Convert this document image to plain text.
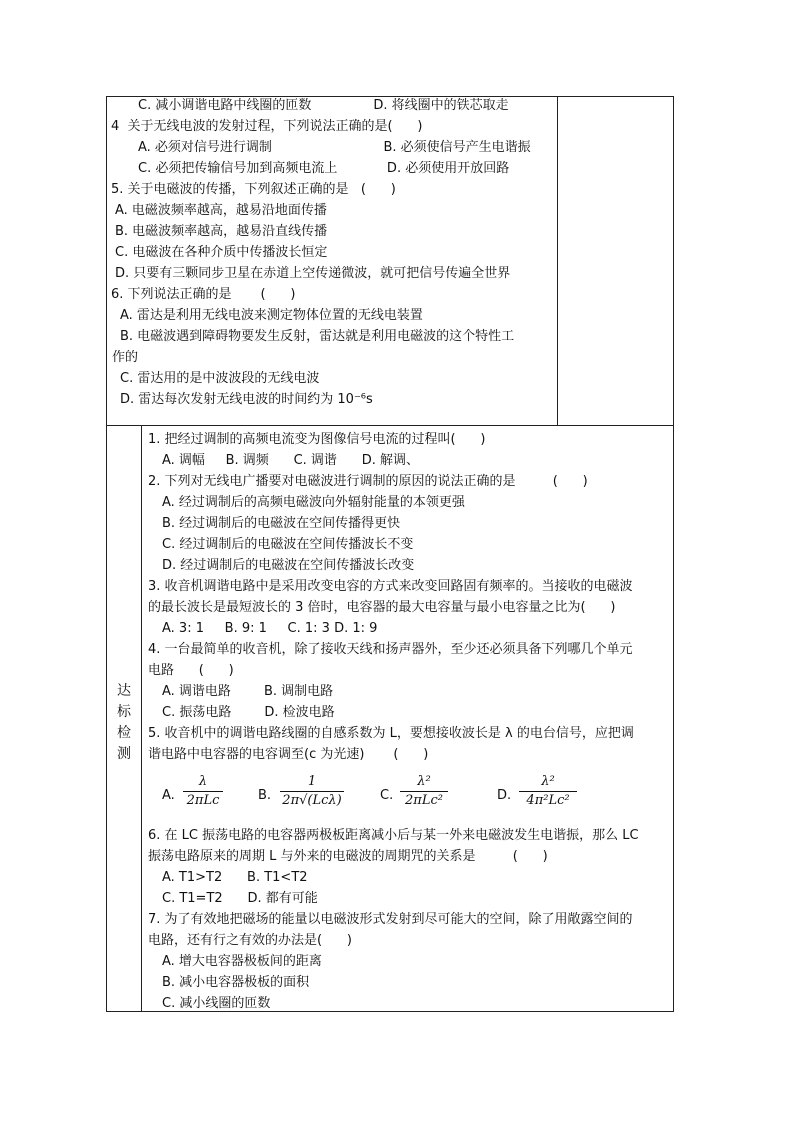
C. 减小调谐电路中线圈的匝数               D. 将线圈中的铁芯取走
4  关于无线电波的发射过程，下列说法正确的是(      )
A. 必须对信号进行调制                           B. 必须使信号产生电谐振
C. 必须把传输信号加到高频电流上            D. 必须使用开放回路
5. 关于电磁波的传播，下列叙述正确的是   (      )
A. 电磁波频率越高，越易沿地面传播
B. 电磁波频率越高，越易沿直线传播
C. 电磁波在各种介质中传播波长恒定
D. 只要有三颗同步卫星在赤道上空传递微波，就可把信号传遍全世界
6. 下列说法正确的是       (      )
A. 雷达是利用无线电波来测定物体位置的无线电装置
B. 电磁波遇到障碍物要发生反射，雷达就是利用电磁波的这个特性工
作的
C. 雷达用的是中波波段的无线电波
D. 雷达每次发射无线电波的时间约为 10⁻⁶s
达
标
检
测
1. 把经过调制的高频电流变为图像信号电流的过程叫(      )
A. 调幅     B. 调频      C. 调谐      D. 解调、
2. 下列对无线电广播要对电磁波进行调制的原因的说法正确的是         (      )
A. 经过调制后的高频电磁波向外辐射能量的本领更强
B. 经过调制后的电磁波在空间传播得更快
C. 经过调制后的电磁波在空间传播波长不变
D. 经过调制后的电磁波在空间传播波长改变
3. 收音机调谐电路中是采用改变电容的方式来改变回路固有频率的。当接收的电磁波
的最长波长是最短波长的 3 倍时，电容器的最大电容量与最小电容量之比为(      )
A. 3: 1     B. 9: 1     C. 1: 3 D. 1: 9
4. 一台最简单的收音机，除了接收天线和扬声器外，至少还必须具备下列哪几个单元
电路      (      )
A. 调谐电路        B. 调制电路
C. 振荡电路        D. 检波电路
5. 收音机中的调谐电路线圈的自感系数为 L，要想接收波长是 λ 的电台信号，应把调
谐电路中电容器的电容调至(c 为光速)       (      )
A.
λ
2πLc	B.
1
2π√(Lcλ)	C.
λ²
2πLc²	D.
λ²
4π²Lc²
6. 在 LC 振荡电路的电容器两极板距离减小后与某一外来电磁波发生电谐振，那么 LC
振荡电路原来的周期 L 与外来的电磁波的周期咒的关系是         (      )
A. T1>T2      B. T1<T2
C. T1=T2      D. 都有可能
7. 为了有效地把磁场的能量以电磁波形式发射到尽可能大的空间，除了用敞露空间的
电路，还有行之有效的办法是(      )
A. 增大电容器极板间的距离
B. 减小电容器极板的面积
C. 减小线圈的匝数
